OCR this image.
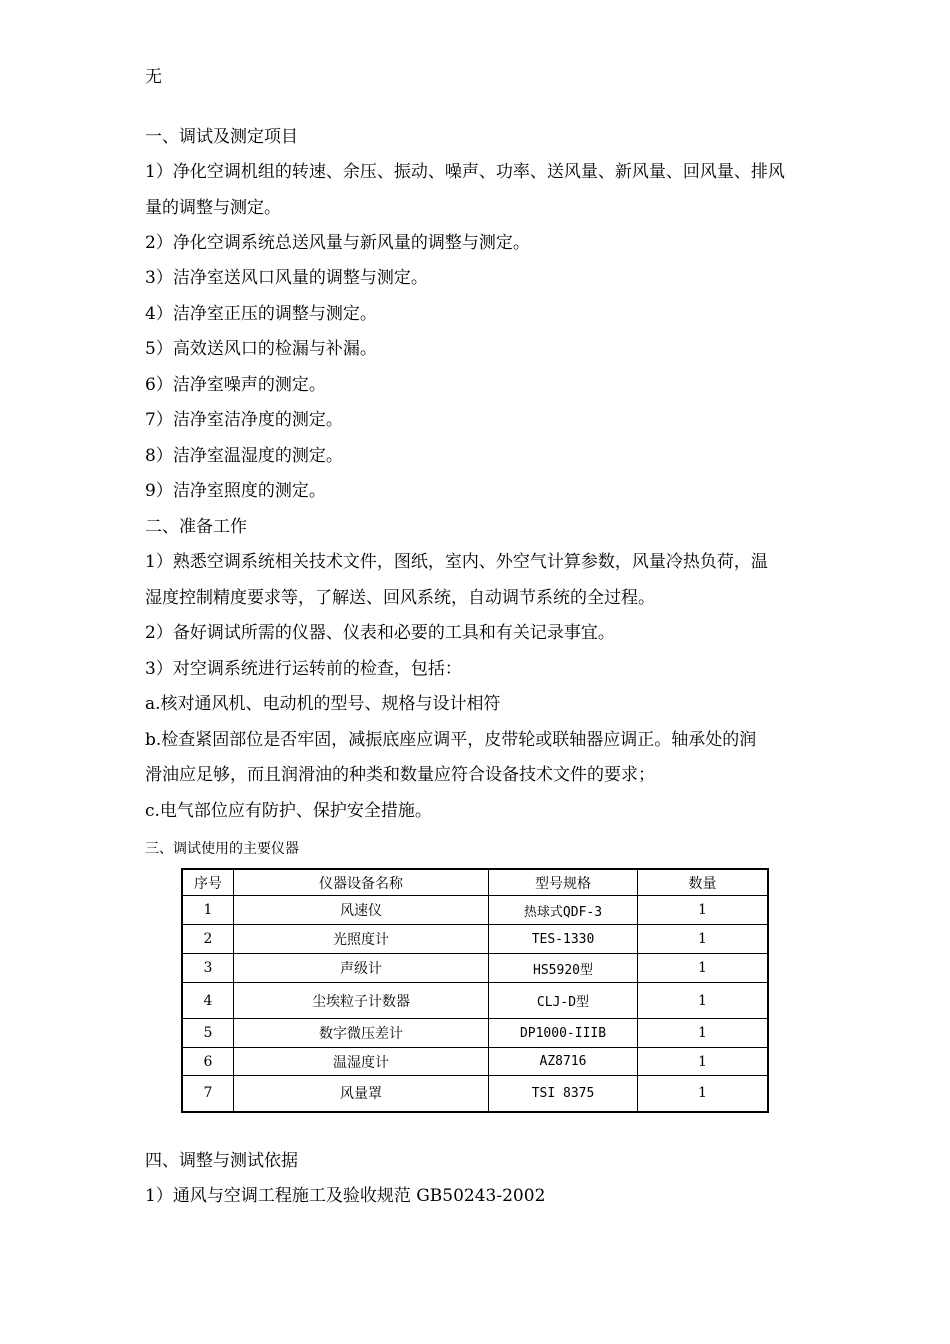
无
一、调试及测定项目
1）净化空调机组的转速、余压、振动、噪声、功率、送风量、新风量、回风量、排风
量的调整与测定。
2）净化空调系统总送风量与新风量的调整与测定。
3）洁净室送风口风量的调整与测定。
4）洁净室正压的调整与测定。
5）高效送风口的检漏与补漏。
6）洁净室噪声的测定。
7）洁净室洁净度的测定。
8）洁净室温湿度的测定。
9）洁净室照度的测定。
二、准备工作
1）熟悉空调系统相关技术文件，图纸，室内、外空气计算参数，风量冷热负荷，温
湿度控制精度要求等，了解送、回风系统，自动调节系统的全过程。
2）备好调试所需的仪器、仪表和必要的工具和有关记录事宜。
3）对空调系统进行运转前的检查，包括：
a.核对通风机、电动机的型号、规格与设计相符
b.检查紧固部位是否牢固，减振底座应调平，皮带轮或联轴器应调正。轴承处的润
滑油应足够，而且润滑油的种类和数量应符合设备技术文件的要求；
c.电气部位应有防护、保护安全措施。
三、调试使用的主要仪器
序号	仪器设备名称	型号规格	数量
1	风速仪	热球式QDF-3	1
2	光照度计	TES-1330	1
3	声级计	HS5920型	1
4	尘埃粒子计数器	CLJ-D型	1
5	数字微压差计	DP1000-IIIB	1
6	温湿度计	AZ8716	1
7	风量罩	TSI 8375	1
四、调整与测试依据
1）通风与空调工程施工及验收规范 GB50243-2002
